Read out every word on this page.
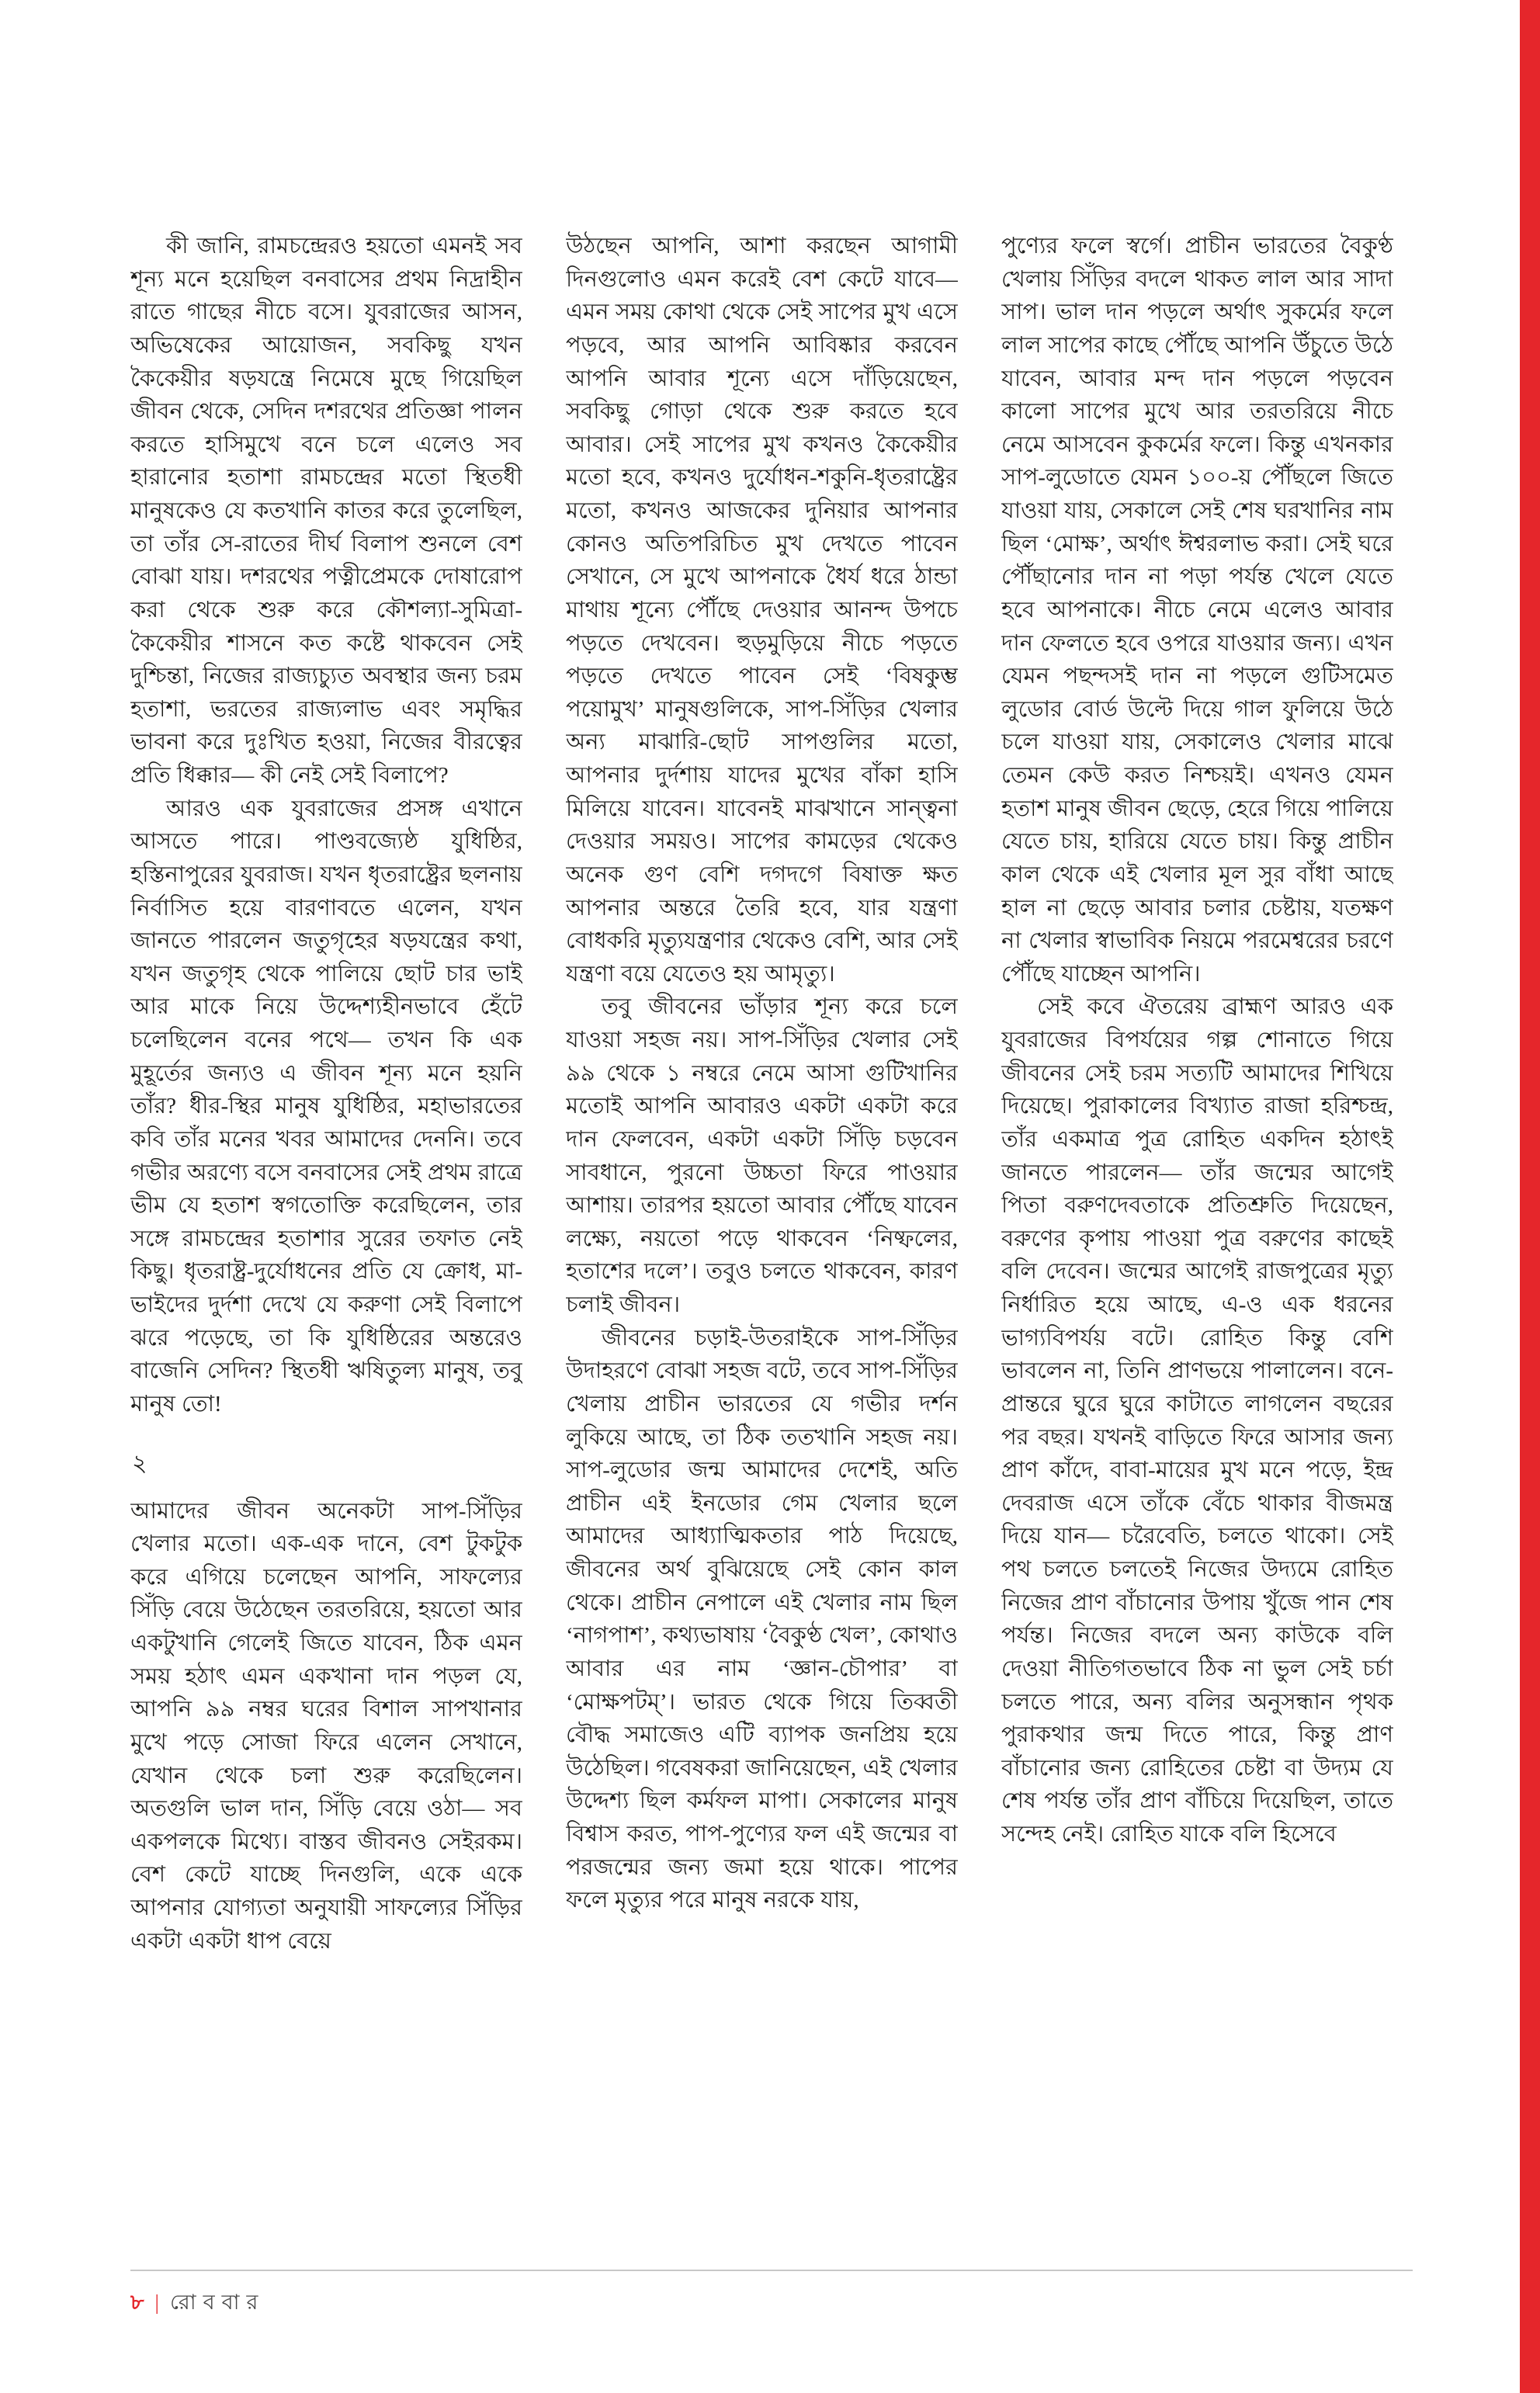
কী জানি, রামচন্দ্রেরও হয়তো এমনই সব শূন্য মনে হয়েছিল বনবাসের প্রথম নিদ্রাহীন রাতে গাছের নীচে বসে। যুবরাজের আসন, অভিষেকের আয়োজন, সবকিছু যখন কৈকেয়ীর ষড়যন্ত্রে নিমেষে মুছে গিয়েছিল জীবন থেকে, সেদিন দশরথের প্রতিজ্ঞা পালন করতে হাসিমুখে বনে চলে এলেও সব হারানোর হতাশা রামচন্দ্রের মতো স্থিতধী মানুষকেও যে কতখানি কাতর করে তুলেছিল, তা তাঁর সে-রাতের দীর্ঘ বিলাপ শুনলে বেশ বোঝা যায়। দশরথের পত্নীপ্রেমকে দোষারোপ করা থেকে শুরু করে কৌশল্যা-সুমিত্রা-কৈকেয়ীর শাসনে কত কষ্টে থাকবেন সেই দুশ্চিন্তা, নিজের রাজ্যচ্যুত অবস্থার জন্য চরম হতাশা, ভরতের রাজ্যলাভ এবং সমৃদ্ধির ভাবনা করে দুঃখিত হওয়া, নিজের বীরত্বের প্রতি ধিক্কার— কী নেই সেই বিলাপে?

আরও এক যুবরাজের প্রসঙ্গ এখানে আসতে পারে। পাণ্ডবজ্যেষ্ঠ যুধিষ্ঠির, হস্তিনাপুরের যুবরাজ। যখন ধৃতরাষ্ট্রের ছলনায় নির্বাসিত হয়ে বারণাবতে এলেন, যখন জানতে পারলেন জতুগৃহের ষড়যন্ত্রের কথা, যখন জতুগৃহ থেকে পালিয়ে ছোট চার ভাই আর মাকে নিয়ে উদ্দেশ্যহীনভাবে হেঁটে চলেছিলেন বনের পথে— তখন কি এক মুহূর্তের জন্যও এ জীবন শূন্য মনে হয়নি তাঁর? ধীর-স্থির মানুষ যুধিষ্ঠির, মহাভারতের কবি তাঁর মনের খবর আমাদের দেননি। তবে গভীর অরণ্যে বসে বনবাসের সেই প্রথম রাত্রে ভীম যে হতাশ স্বগতোক্তি করেছিলেন, তার সঙ্গে রামচন্দ্রের হতাশার সুরের তফাত নেই কিছু। ধৃতরাষ্ট্র-দুর্যোধনের প্রতি যে ক্রোধ, মা-ভাইদের দুর্দশা দেখে যে করুণা সেই বিলাপে ঝরে পড়েছে, তা কি যুধিষ্ঠিরের অন্তরেও বাজেনি সেদিন? স্থিতধী ঋষিতুল্য মানুষ, তবু মানুষ তো!

২

আমাদের জীবন অনেকটা সাপ-সিঁড়ির খেলার মতো। এক-এক দানে, বেশ টুকটুক করে এগিয়ে চলেছেন আপনি, সাফল্যের সিঁড়ি বেয়ে উঠেছেন তরতরিয়ে, হয়তো আর একটুখানি গেলেই জিতে যাবেন, ঠিক এমন সময় হঠাৎ এমন একখানা দান পড়ল যে, আপনি ৯৯ নম্বর ঘরের বিশাল সাপখানার মুখে পড়ে সোজা ফিরে এলেন সেখানে, যেখান থেকে চলা শুরু করেছিলেন। অতগুলি ভাল দান, সিঁড়ি বেয়ে ওঠা— সব একপলকে মিথ্যে। বাস্তব জীবনও সেইরকম। বেশ কেটে যাচ্ছে দিনগুলি, একে একে আপনার যোগ্যতা অনুযায়ী সাফল্যের সিঁড়ির একটা একটা ধাপ বেয়ে

উঠছেন আপনি, আশা করছেন আগামী দিনগুলোও এমন করেই বেশ কেটে যাবে— এমন সময় কোথা থেকে সেই সাপের মুখ এসে পড়বে, আর আপনি আবিষ্কার করবেন আপনি আবার শূন্যে এসে দাঁড়িয়েছেন, সবকিছু গোড়া থেকে শুরু করতে হবে আবার। সেই সাপের মুখ কখনও কৈকেয়ীর মতো হবে, কখনও দুর্যোধন-শকুনি-ধৃতরাষ্ট্রের মতো, কখনও আজকের দুনিয়ার আপনার কোনও অতিপরিচিত মুখ দেখতে পাবেন সেখানে, সে মুখে আপনাকে ধৈর্য ধরে ঠান্ডা মাথায় শূন্যে পৌঁছে দেওয়ার আনন্দ উপচে পড়তে দেখবেন। হুড়মুড়িয়ে নীচে পড়তে পড়তে দেখতে পাবেন সেই ‘বিষকুম্ভ পয়োমুখ’ মানুষগুলিকে, সাপ-সিঁড়ির খেলার অন্য মাঝারি-ছোট সাপগুলির মতো, আপনার দুর্দশায় যাদের মুখের বাঁকা হাসি মিলিয়ে যাবেন। যাবেনই মাঝখানে সান্ত্বনা দেওয়ার সময়ও। সাপের কামড়ের থেকেও অনেক গুণ বেশি দগদগে বিষাক্ত ক্ষত আপনার অন্তরে তৈরি হবে, যার যন্ত্রণা বোধকরি মৃত্যুযন্ত্রণার থেকেও বেশি, আর সেই যন্ত্রণা বয়ে যেতেও হয় আমৃত্যু।

তবু জীবনের ভাঁড়ার শূন্য করে চলে যাওয়া সহজ নয়। সাপ-সিঁড়ির খেলার সেই ৯৯ থেকে ১ নম্বরে নেমে আসা গুটিখানির মতোই আপনি আবারও একটা একটা করে দান ফেলবেন, একটা একটা সিঁড়ি চড়বেন সাবধানে, পুরনো উচ্চতা ফিরে পাওয়ার আশায়। তারপর হয়তো আবার পৌঁছে যাবেন লক্ষ্যে, নয়তো পড়ে থাকবেন ‘নিষ্ফলের, হতাশের দলে’। তবুও চলতে থাকবেন, কারণ চলাই জীবন।

জীবনের চড়াই-উতরাইকে সাপ-সিঁড়ির উদাহরণে বোঝা সহজ বটে, তবে সাপ-সিঁড়ির খেলায় প্রাচীন ভারতের যে গভীর দর্শন লুকিয়ে আছে, তা ঠিক ততখানি সহজ নয়। সাপ-লুডোর জন্ম আমাদের দেশেই, অতি প্রাচীন এই ইনডোর গেম খেলার ছলে আমাদের আধ্যাত্মিকতার পাঠ দিয়েছে, জীবনের অর্থ বুঝিয়েছে সেই কোন কাল থেকে। প্রাচীন নেপালে এই খেলার নাম ছিল ‘নাগপাশ’, কথ্যভাষায় ‘বৈকুণ্ঠ খেল’, কোথাও আবার এর নাম ‘জ্ঞান-চৌপার’ বা ‘মোক্ষপটম্‌’। ভারত থেকে গিয়ে তিব্বতী বৌদ্ধ সমাজেও এটি ব্যাপক জনপ্রিয় হয়ে উঠেছিল। গবেষকরা জানিয়েছেন, এই খেলার উদ্দেশ্য ছিল কর্মফল মাপা। সেকালের মানুষ বিশ্বাস করত, পাপ-পুণ্যের ফল এই জন্মের বা পরজন্মের জন্য জমা হয়ে থাকে। পাপের ফলে মৃত্যুর পরে মানুষ নরকে যায়,

পুণ্যের ফলে স্বর্গে। প্রাচীন ভারতের বৈকুণ্ঠ খেলায় সিঁড়ির বদলে থাকত লাল আর সাদা সাপ। ভাল দান পড়লে অর্থাৎ সুকর্মের ফলে লাল সাপের কাছে পৌঁছে আপনি উঁচুতে উঠে যাবেন, আবার মন্দ দান পড়লে পড়বেন কালো সাপের মুখে আর তরতরিয়ে নীচে নেমে আসবেন কুকর্মের ফলে। কিন্তু এখনকার সাপ-লুডোতে যেমন ১০০-য় পৌঁছলে জিতে যাওয়া যায়, সেকালে সেই শেষ ঘরখানির নাম ছিল ‘মোক্ষ’, অর্থাৎ ঈশ্বরলাভ করা। সেই ঘরে পৌঁছানোর দান না পড়া পর্যন্ত খেলে যেতে হবে আপনাকে। নীচে নেমে এলেও আবার দান ফেলতে হবে ওপরে যাওয়ার জন্য। এখন যেমন পছন্দসই দান না পড়লে গুটিসমেত লুডোর বোর্ড উল্টে দিয়ে গাল ফুলিয়ে উঠে চলে যাওয়া যায়, সেকালেও খেলার মাঝে তেমন কেউ করত নিশ্চয়ই। এখনও যেমন হতাশ মানুষ জীবন ছেড়ে, হেরে গিয়ে পালিয়ে যেতে চায়, হারিয়ে যেতে চায়। কিন্তু প্রাচীন কাল থেকে এই খেলার মূল সুর বাঁধা আছে হাল না ছেড়ে আবার চলার চেষ্টায়, যতক্ষণ না খেলার স্বাভাবিক নিয়মে পরমেশ্বরের চরণে পৌঁছে যাচ্ছেন আপনি।

সেই কবে ঐতরেয় ব্রাহ্মণ আরও এক যুবরাজের বিপর্যয়ের গল্প শোনাতে গিয়ে জীবনের সেই চরম সত্যটি আমাদের শিখিয়ে দিয়েছে। পুরাকালের বিখ্যাত রাজা হরিশ্চন্দ্র, তাঁর একমাত্র পুত্র রোহিত একদিন হঠাৎই জানতে পারলেন— তাঁর জন্মের আগেই পিতা বরুণদেবতাকে প্রতিশ্রুতি দিয়েছেন, বরুণের কৃপায় পাওয়া পুত্র বরুণের কাছেই বলি দেবেন। জন্মের আগেই রাজপুত্রের মৃত্যু নির্ধারিত হয়ে আছে, এ-ও এক ধরনের ভাগ্যবিপর্যয় বটে। রোহিত কিন্তু বেশি ভাবলেন না, তিনি প্রাণভয়ে পালালেন। বনে-প্রান্তরে ঘুরে ঘুরে কাটাতে লাগলেন বছরের পর বছর। যখনই বাড়িতে ফিরে আসার জন্য প্রাণ কাঁদে, বাবা-মায়ের মুখ মনে পড়ে, ইন্দ্র দেবরাজ এসে তাঁকে বেঁচে থাকার বীজমন্ত্র দিয়ে যান— চরৈবেতি, চলতে থাকো। সেই পথ চলতে চলতেই নিজের উদ্যমে রোহিত নিজের প্রাণ বাঁচানোর উপায় খুঁজে পান শেষ পর্যন্ত। নিজের বদলে অন্য কাউকে বলি দেওয়া নীতিগতভাবে ঠিক না ভুল সেই চর্চা চলতে পারে, অন্য বলির অনুসন্ধান পৃথক পুরাকথার জন্ম দিতে পারে, কিন্তু প্রাণ বাঁচানোর জন্য রোহিতের চেষ্টা বা উদ্যম যে শেষ পর্যন্ত তাঁর প্রাণ বাঁচিয়ে দিয়েছিল, তাতে সন্দেহ নেই। রোহিত যাকে বলি হিসেবে

৮ | রোববার
